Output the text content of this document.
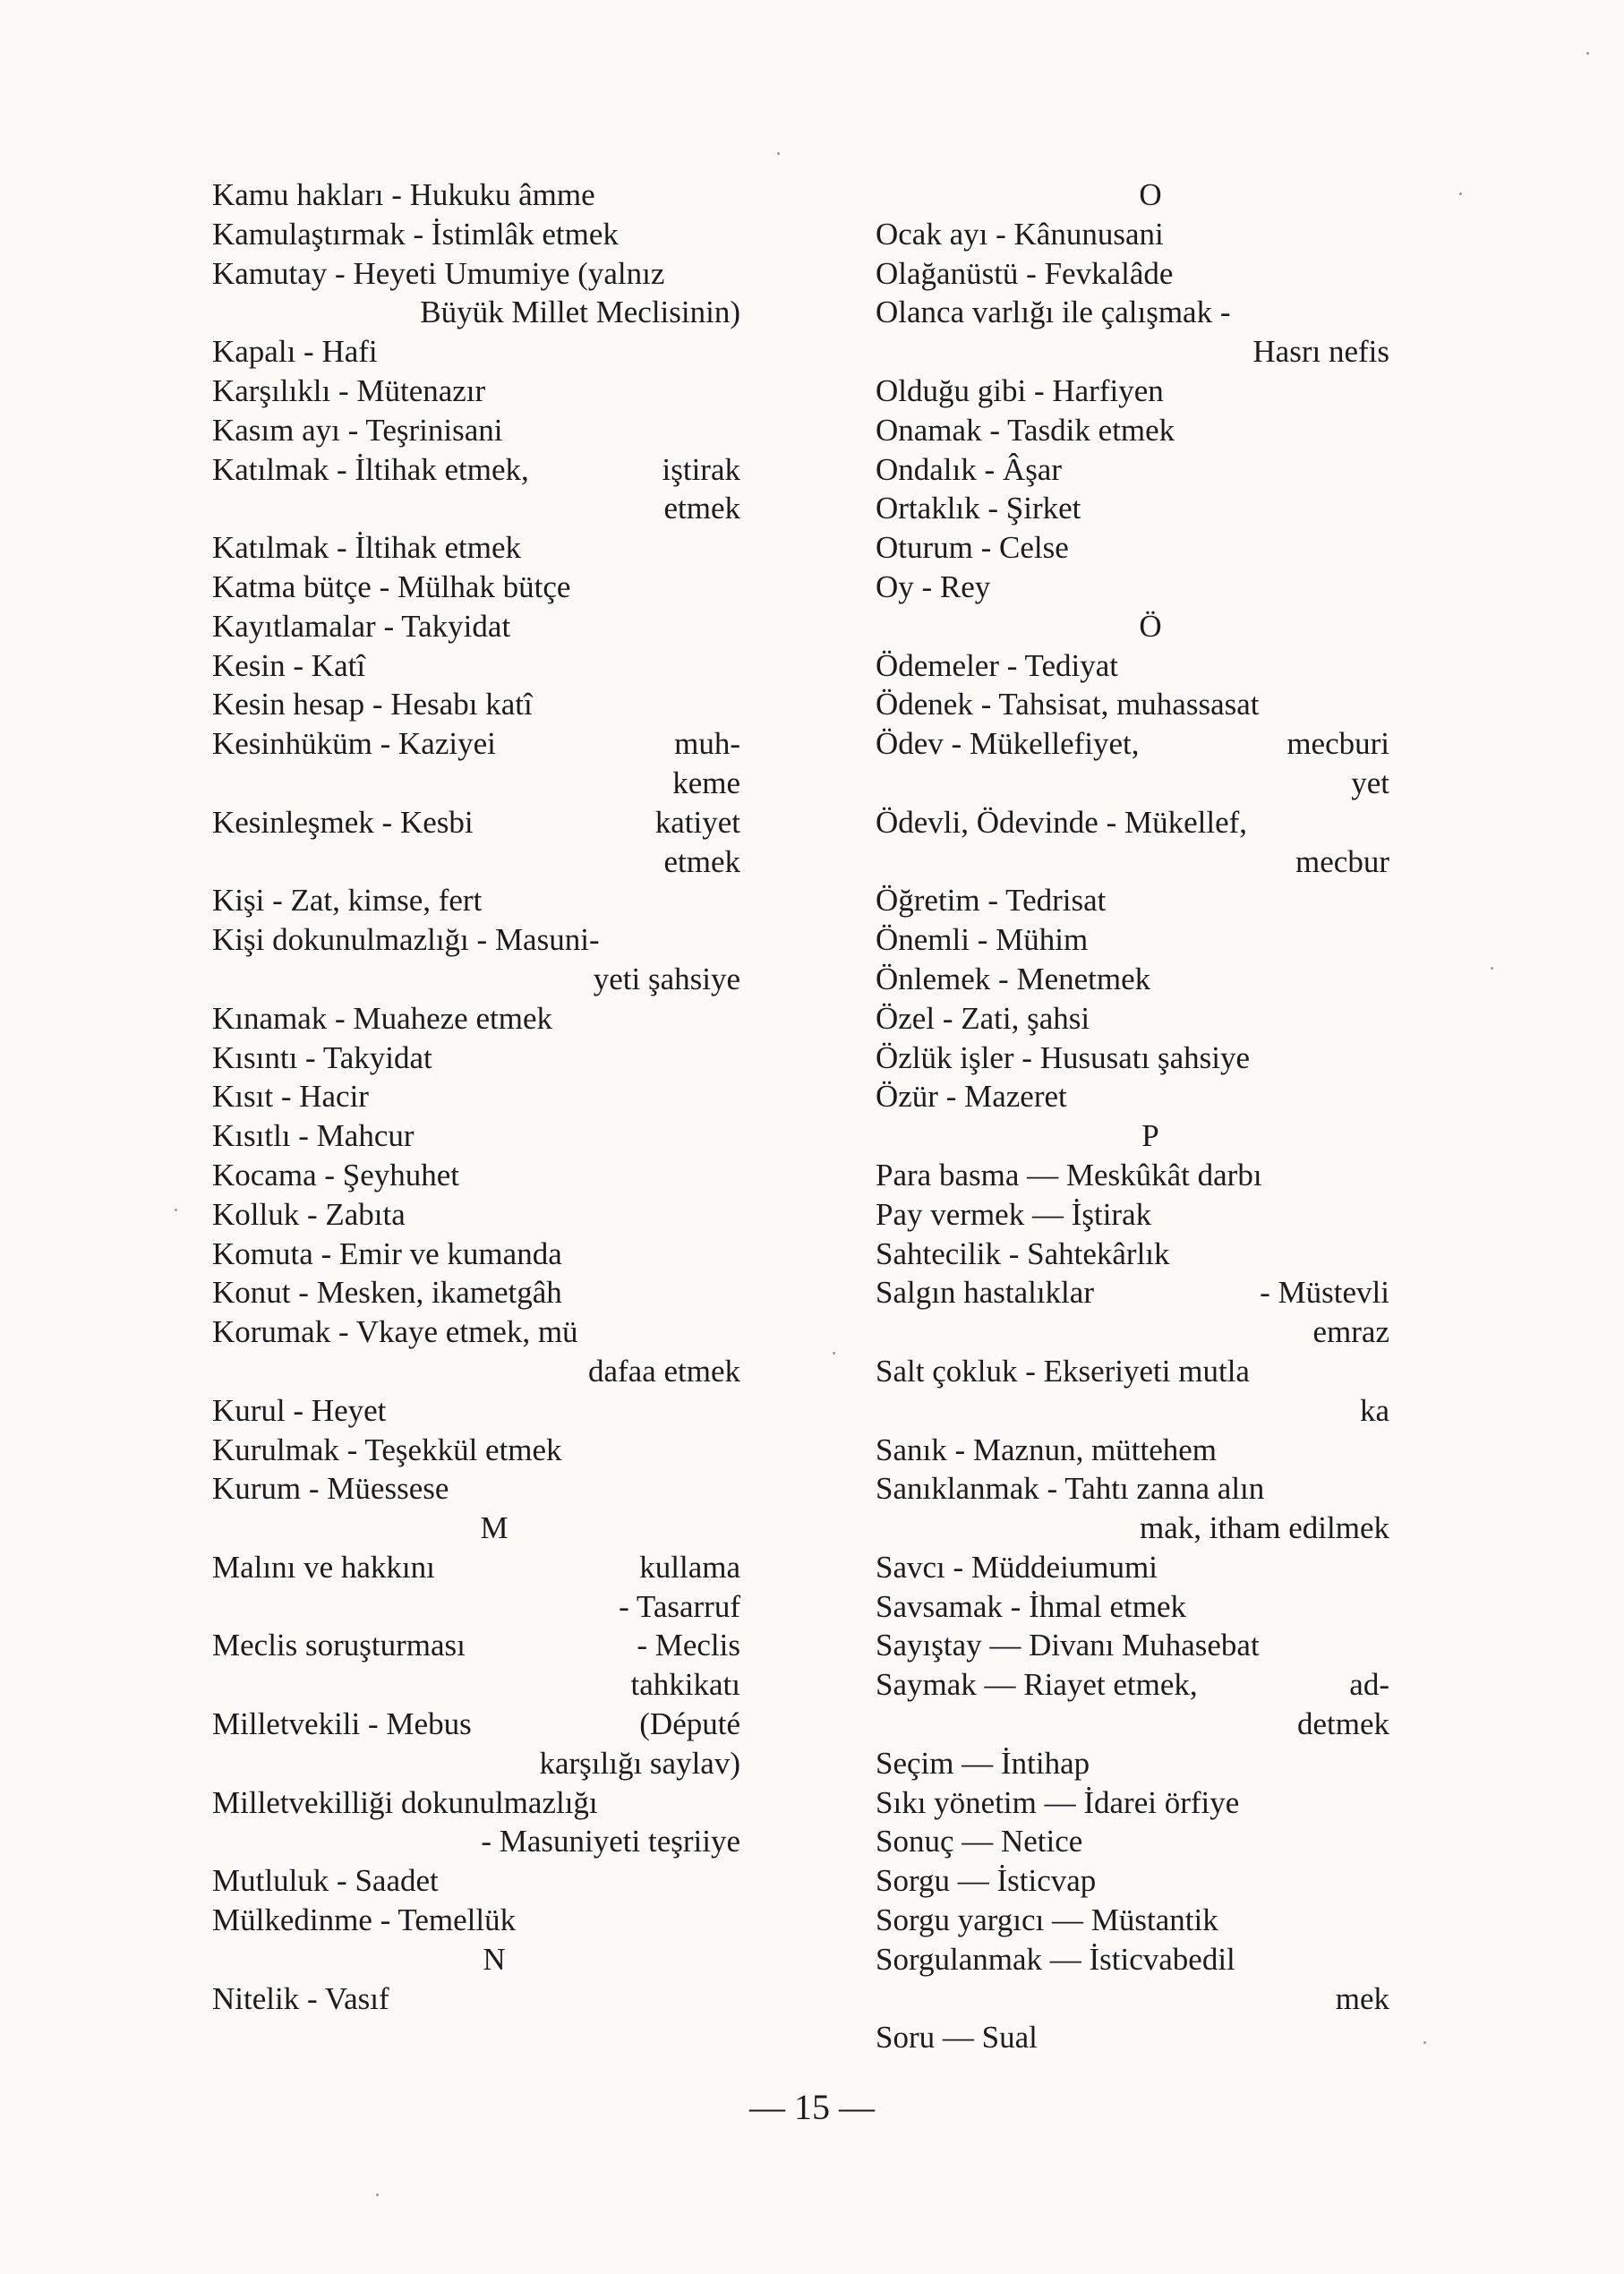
Kamu hakları - Hukuku âmme
Kamulaştırmak - İstimlâk etmek
Kamutay - Heyeti Umumiye (yalnız
Büyük Millet Meclisinin)
Kapalı - Hafi
Karşılıklı - Mütenazır
Kasım ayı - Teşrinisani
Katılmak - İltihak etmek,	iştirak
etmek
Katılmak - İltihak etmek
Katma bütçe - Mülhak bütçe
Kayıtlamalar - Takyidat
Kesin - Katî
Kesin hesap - Hesabı katî
Kesinhüküm - Kaziyei	muh-
keme
Kesinleşmek - Kesbi	katiyet
etmek
Kişi - Zat, kimse, fert
Kişi dokunulmazlığı - Masuni-
yeti şahsiye
Kınamak - Muaheze etmek
Kısıntı - Takyidat
Kısıt - Hacir
Kısıtlı - Mahcur
Kocama - Şeyhuhet
Kolluk - Zabıta
Komuta - Emir ve kumanda
Konut - Mesken, ikametgâh
Korumak - Vkaye etmek, mü
dafaa etmek
Kurul - Heyet
Kurulmak - Teşekkül etmek
Kurum - Müessese
M
Malını ve hakkını	kullama
- Tasarruf
Meclis soruşturması	- Meclis
tahkikatı
Milletvekili - Mebus	(Député
karşılığı saylav)
Milletvekilliği dokunulmazlığı
- Masuniyeti teşriiye
Mutluluk - Saadet
Mülkedinme - Temellük
N
Nitelik - Vasıf
O
Ocak ayı - Kânunusani
Olağanüstü - Fevkalâde
Olanca varlığı ile çalışmak -
Hasrı nefis
Olduğu gibi - Harfiyen
Onamak - Tasdik etmek
Ondalık - Âşar
Ortaklık - Şirket
Oturum - Celse
Oy - Rey
Ö
Ödemeler - Tediyat
Ödenek - Tahsisat, muhassasat
Ödev - Mükellefiyet,	mecburi
yet
Ödevli, Ödevinde - Mükellef,
mecbur
Öğretim - Tedrisat
Önemli - Mühim
Önlemek - Menetmek
Özel - Zati, şahsi
Özlük işler - Hususatı şahsiye
Özür - Mazeret
P
Para basma — Meskûkât darbı
Pay vermek — İştirak
Sahtecilik - Sahtekârlık
Salgın hastalıklar	- Müstevli
emraz
Salt çokluk - Ekseriyeti mutla
ka
Sanık - Maznun, müttehem
Sanıklanmak - Tahtı zanna alın
mak, itham edilmek
Savcı - Müddeiumumi
Savsamak - İhmal etmek
Sayıştay — Divanı Muhasebat
Saymak — Riayet etmek,	ad-
detmek
Seçim — İntihap
Sıkı yönetim — İdarei örfiye
Sonuç — Netice
Sorgu — İsticvap
Sorgu yargıcı — Müstantik
Sorgulanmak — İsticvabedil
mek
Soru — Sual
— 15 —
